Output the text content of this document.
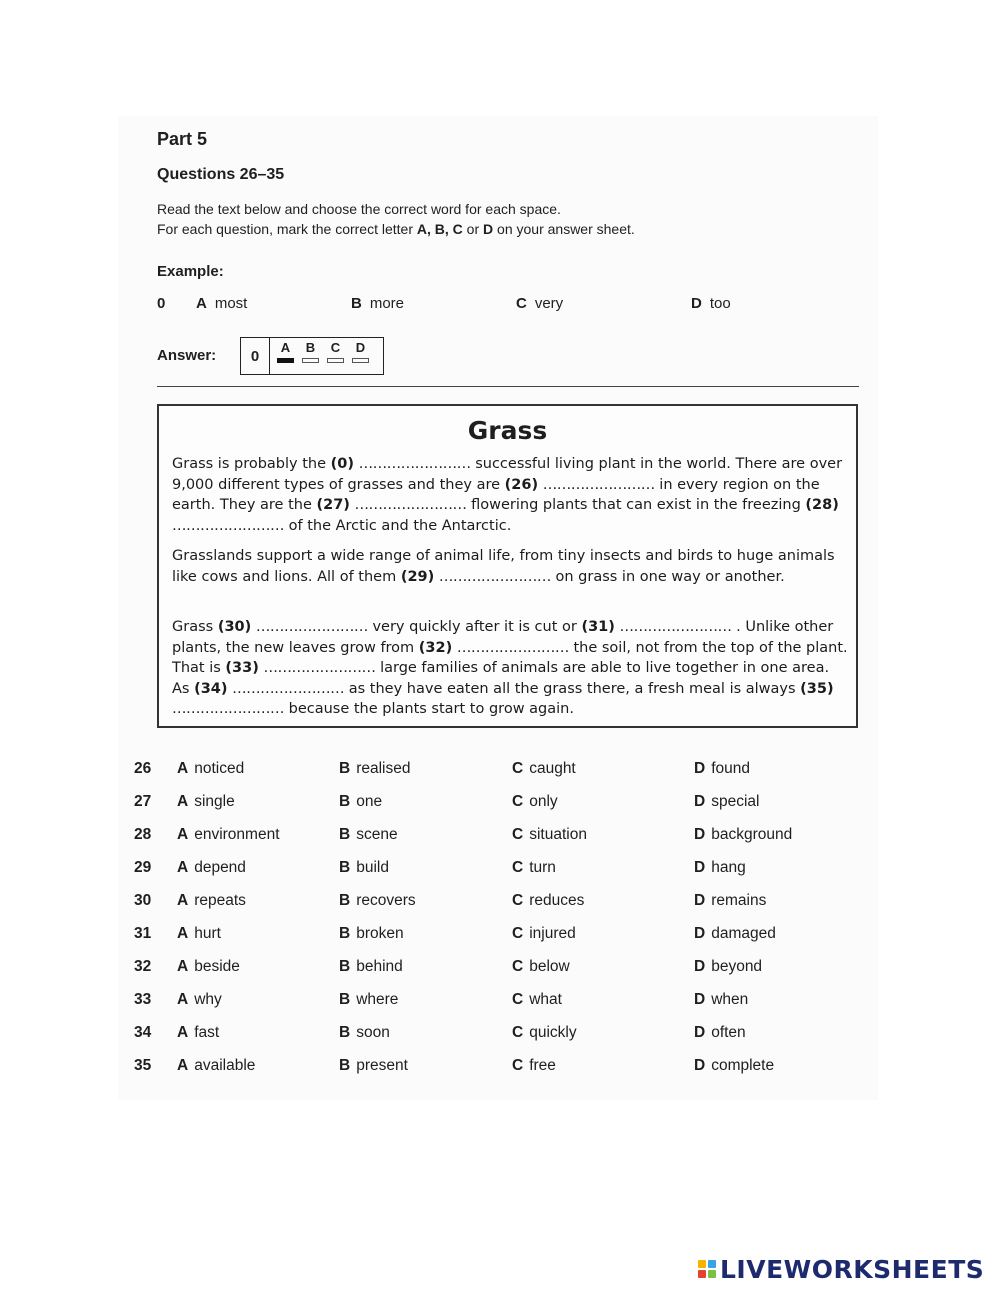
Part 5
Questions 26–35
Read the text below and choose the correct word for each space.
For each question, mark the correct letter A, B, C or D on your answer sheet.
Example:
0	A most	B more	C very	D too
Answer:	0	A B C D
Grass

Grass is probably the (0) …………………… successful living plant in the world. There are over 9,000 different types of grasses and they are (26) …………………… in every region on the earth. They are the (27) …………………… flowering plants that can exist in the freezing (28) …………………… of the Arctic and the Antarctic.

Grasslands support a wide range of animal life, from tiny insects and birds to huge animals like cows and lions. All of them (29) …………………… on grass in one way or another.

Grass (30) …………………… very quickly after it is cut or (31) …………………… . Unlike other plants, the new leaves grow from (32) …………………… the soil, not from the top of the plant. That is (33) …………………… large families of animals are able to live together in one area. As (34) …………………… as they have eaten all the grass there, a fresh meal is always (35) …………………… because the plants start to grow again.

26 A noticed	B realised	C caught	D found
27 A single	B one	C only	D special
28 A environment	B scene	C situation	D background
29 A depend	B build	C turn	D hang
30 A repeats	B recovers	C reduces	D remains
31 A hurt	B broken	C injured	D damaged
32 A beside	B behind	C below	D beyond
33 A why	B where	C what	D when
34 A fast	B soon	C quickly	D often
35 A available	B present	C free	D complete
LIVEWORKSHEETS
